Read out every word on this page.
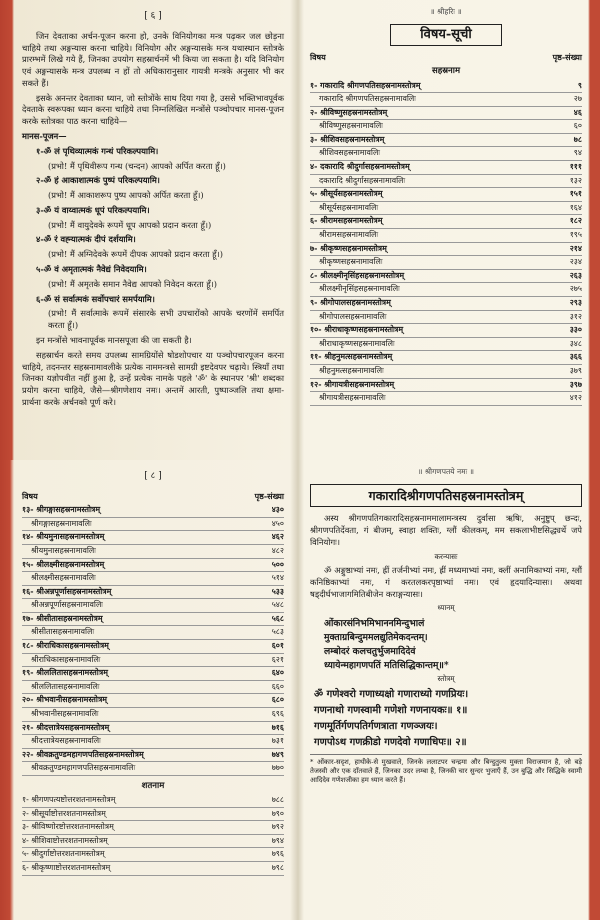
[ ६ ]

जिन देवताका अर्चन-पूजन करना हो, उनके विनियोगका मन्त्र पढ़कर जल छोड़ना चाहिये तथा अङ्गन्यास करना चाहिये। विनियोग और अङ्गन्यासके मन्त्र यथास्थान स्तोत्रके प्रारम्भमें लिखे गये हैं, जिनका उपयोग सहस्रार्चनमें भी किया जा सकता है। यदि विनियोग एवं अङ्गन्यासके मन्त्र उपलब्ध न हों तो अधिकारानुसार गायत्री मन्त्रके अनुसार भी कर सकते हैं।

इसके अनन्तर देवताका ध्यान, जो स्तोत्रोंके साथ दिया गया है, उससे भक्तिभावपूर्वक देवताके स्वरूपका ध्यान करना चाहिये तथा निम्नलिखित मन्त्रोंसे पञ्चोपचार मानस-पूजन करके स्तोत्रका पाठ करना चाहिये—

मानस-पूजन—

१-ॐ लं पृथिव्यात्मकं गन्धं परिकल्पयामि।

(प्रभो! मैं पृथिवीरूप गन्ध (चन्दन) आपको अर्पित करता हूँ।)

२-ॐ हं आकाशात्मकं पुष्पं परिकल्पयामि।

(प्रभो! मैं आकाशरूप पुष्प आपको अर्पित करता हूँ।)

३-ॐ यं वाय्वात्मकं धूपं परिकल्पयामि।

(प्रभो! मैं वायुदेवके रूपमें धूप आपको प्रदान करता हूँ।)

४-ॐ रं वह्न्यात्मकं दीपं दर्शयामि।

(प्रभो! मैं अग्निदेवके रूपमें दीपक आपको प्रदान करता हूँ।)

५-ॐ वं अमृतात्मकं नैवेद्यं निवेदयामि।

(प्रभो! मैं अमृतके समान नैवेद्य आपको निवेदन करता हूँ।)

६-ॐ सं सर्वात्मकं सर्वोपचारं समर्पयामि।

(प्रभो! मैं सर्वात्माके रूपमें संसारके सभी उपचारोंको आपके चरणोंमें समर्पित करता हूँ।)

इन मन्त्रोंसे भावनापूर्वक मानसपूजा की जा सकती है।

सहस्रार्चन करते समय उपलब्ध सामग्रियोंसे षोडशोपचार या पञ्चोपचारपूजन करना चाहिये, तदनन्तर सहस्रनामावलीके प्रत्येक नाममन्त्रसे सामग्री इष्टदेवपर चढ़ाये। स्त्रियाँ तथा जिनका यज्ञोपवीत नहीं हुआ है, उन्हें प्रत्येक नामके पहले 'ॐ' के स्थानपर 'श्री' शब्दका प्रयोग करना चाहिये, जैसे—श्रीगणेशाय नमः। अन्तमें आरती, पुष्पाञ्जलि तथा क्षमा-प्रार्थना करके अर्चनको पूर्ण करे।

॥ श्रीहरिः ॥
विषय-सूची
विषय	पृष्ठ-संख्या
सहस्रनाम
१- गकारादि श्रीगणपतिसहस्रनामस्तोत्रम्	९
गकारादि श्रीगणपतिसहस्रनामावलिः	२७
२- श्रीविष्णुसहस्रनामस्तोत्रम्	४६
श्रीविष्णुसहस्रनामावलिः	६०
३- श्रीशिवसहस्रनामस्तोत्रम्	७८
श्रीशिवसहस्रनामावलिः	९४
४- दकारादि श्रीदुर्गासहस्रनामस्तोत्रम्	१११
दकारादि श्रीदुर्गासहस्रनामावलिः	१३२
५- श्रीसूर्यसहस्रनामस्तोत्रम्	१५१
श्रीसूर्यसहस्रनामावलिः	१६४
६- श्रीरामसहस्रनामस्तोत्रम्	१८२
श्रीरामसहस्रनामावलिः	१९५
७- श्रीकृष्णसहस्रनामस्तोत्रम्	२१४
श्रीकृष्णसहस्रनामावलिः	२३४
८- श्रीलक्ष्मीनृसिंहसहस्रनामस्तोत्रम्	२६३
श्रीलक्ष्मीनृसिंहसहस्रनामावलिः	२७५
९- श्रीगोपालसहस्रनामस्तोत्रम्	२९३
श्रीगोपालसहस्रनामावलिः	३१२
१०- श्रीराधाकृष्णसहस्रनामस्तोत्रम्	३३०
श्रीराधाकृष्णसहस्रनामावलिः	३४८
११- श्रीहनुमत्सहस्रनामस्तोत्रम्	३६६
श्रीहनुमत्सहस्रनामावलिः	३७९
१२- श्रीगायत्रीसहस्रनामस्तोत्रम्	३९७
श्रीगायत्रीसहस्रनामावलिः	४१२
[ ८ ]
विषय	पृष्ठ-संख्या
१३- श्रीगङ्गासहस्रनामस्तोत्रम्	४३०
श्रीगङ्गासहस्रनामावलिः	४५०
१४- श्रीयमुनासहस्रनामस्तोत्रम्	४६२
श्रीयमुनासहस्रनामावलिः	४८२
१५- श्रीलक्ष्मीसहस्रनामस्तोत्रम्	५००
श्रीलक्ष्मीसहस्रनामावलिः	५१४
१६- श्रीअन्नपूर्णासहस्रनामस्तोत्रम्	५३३
श्रीअन्नपूर्णासहस्रनामावलिः	५४८
१७- श्रीसीतासहस्रनामस्तोत्रम्	५६८
श्रीसीतासहस्रनामावलिः	५८३
१८- श्रीराधिकासहस्रनामस्तोत्रम्	६०१
श्रीराधिकासहस्रनामावलिः	६२१
१९- श्रीललितासहस्रनामस्तोत्रम्	६४०
श्रीललितासहस्रनामावलिः	६६०
२०- श्रीभवानीसहस्रनामस्तोत्रम्	६८०
श्रीभवानीसहस्रनामावलिः	६९६
२१- श्रीदत्तात्रेयसहस्रनामस्तोत्रम्	७१६
श्रीदत्तात्रेयसहस्रनामावलिः	७३१
२२- श्रीवक्रतुण्डमहागणपतिसहस्रनामस्तोत्रम्	७४९
श्रीवक्रतुण्डमहागणपतिसहस्रनामावलिः	७७०
शतनाम
१- श्रीगणपत्यष्टोत्तरशतनामस्तोत्रम्	७८८
२- श्रीसूर्याष्टोत्तरशतनामस्तोत्रम्	७९०
३- श्रीविष्णोरष्टोत्तरशतनामस्तोत्रम्	७९२
४- श्रीशिवाष्टोत्तरशतनामस्तोत्रम्	७९४
५- श्रीदुर्गाष्टोत्तरशतनामस्तोत्रम्	७९६
६- श्रीकृष्णाष्टोत्तरशतनामस्तोत्रम्	७९८
॥ श्रीगणपतये नमः ॥
गकारादिश्रीगणपतिसहस्रनामस्तोत्रम्

अस्य श्रीगणपतिगकारादिसहस्रनाममालामन्त्रस्य दुर्वासा ऋषिः, अनुष्टुप् छन्दः, श्रीगणपतिर्देवता, गं बीजम्, स्वाहा शक्तिः, ग्लौं कीलकम्, मम सकलाभीष्टसिद्ध्यर्थे जपे विनियोगः।

करन्यासः

ॐ अङ्गुष्ठाभ्यां नमः, ह्रीं तर्जनीभ्यां नमः, ह्रीं मध्यमाभ्यां नमः, क्लीं अनामिकाभ्यां नमः, ग्लौं कनिष्ठिकाभ्यां नमः, गं करतलकरपृष्ठाभ्यां नमः। एवं हृदयादिन्यासः। अथवा षड्दीर्घभाजागमितिबीजेन कराङ्गन्यासः।

ध्यानम्

ओंकारसंनिभमिभाननमिन्दुभालं
मुक्ताग्रबिन्दुममलद्युतिमेकदन्तम्।
लम्बोदरं कलचतुर्भुजमादिदेवं
ध्यायेन्महागणपतिं मतिसिद्धिकान्तम्॥*

स्तोत्रम्

ॐ गणेश्वरो गणाध्यक्षो गणाराध्यो गणप्रियः।
गणनाथो गणस्वामी गणेशो गणनायकः॥ १॥
गणमूर्तिर्गणपतिर्गणत्राता गणञ्जयः।
गणपोऽथ गणक्रीडो गणदेवो गणाधिपः॥ २॥

* ओंकार-सदृश, हाथीके-से मुखवाले, जिनके ललाटपर चन्द्रमा और बिन्दुतुल्य मुक्ता विराजमान है, जो बड़े तेजस्वी और एक दाँतवाले हैं, जिनका उदर लम्बा है, जिनकी चार सुन्दर भुजाएँ हैं, उन बुद्धि और सिद्धिके स्वामी आदिदेव गणेशजीका हम ध्यान करते हैं।
